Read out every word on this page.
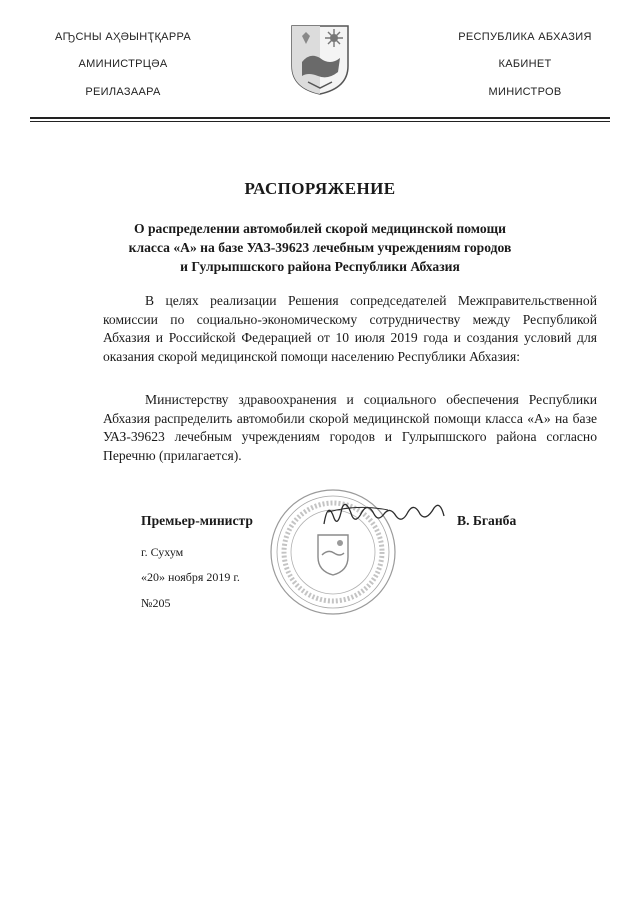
АҦСНЫ АҲӘЫНҬҚАРРА
АМИНИСТРЦӘА
РЕИЛАЗААРА
РЕСПУБЛИКА АБХАЗИЯ
КАБИНЕТ
МИНИСТРОВ
РАСПОРЯЖЕНИЕ
О распределении автомобилей скорой медицинской помощи
класса «А» на базе УАЗ-39623 лечебным учреждениям городов
и Гулрыпшского района Республики Абхазия
В целях реализации Решения сопредседателей Межправительственной комиссии по социально-экономическому сотрудничеству между Республикой Абхазия и Российской Федерацией от 10 июля 2019 года и создания условий для оказания скорой медицинской помощи населению Республики Абхазия:
Министерству здравоохранения и социального обеспечения Республики Абхазия распределить автомобили скорой медицинской помощи класса «А» на базе УАЗ-39623 лечебным учреждениям городов и Гулрыпшского района согласно Перечню (прилагается).
Премьер-министр	В. Бганба
г. Сухум
«20» ноября 2019 г.
№205
